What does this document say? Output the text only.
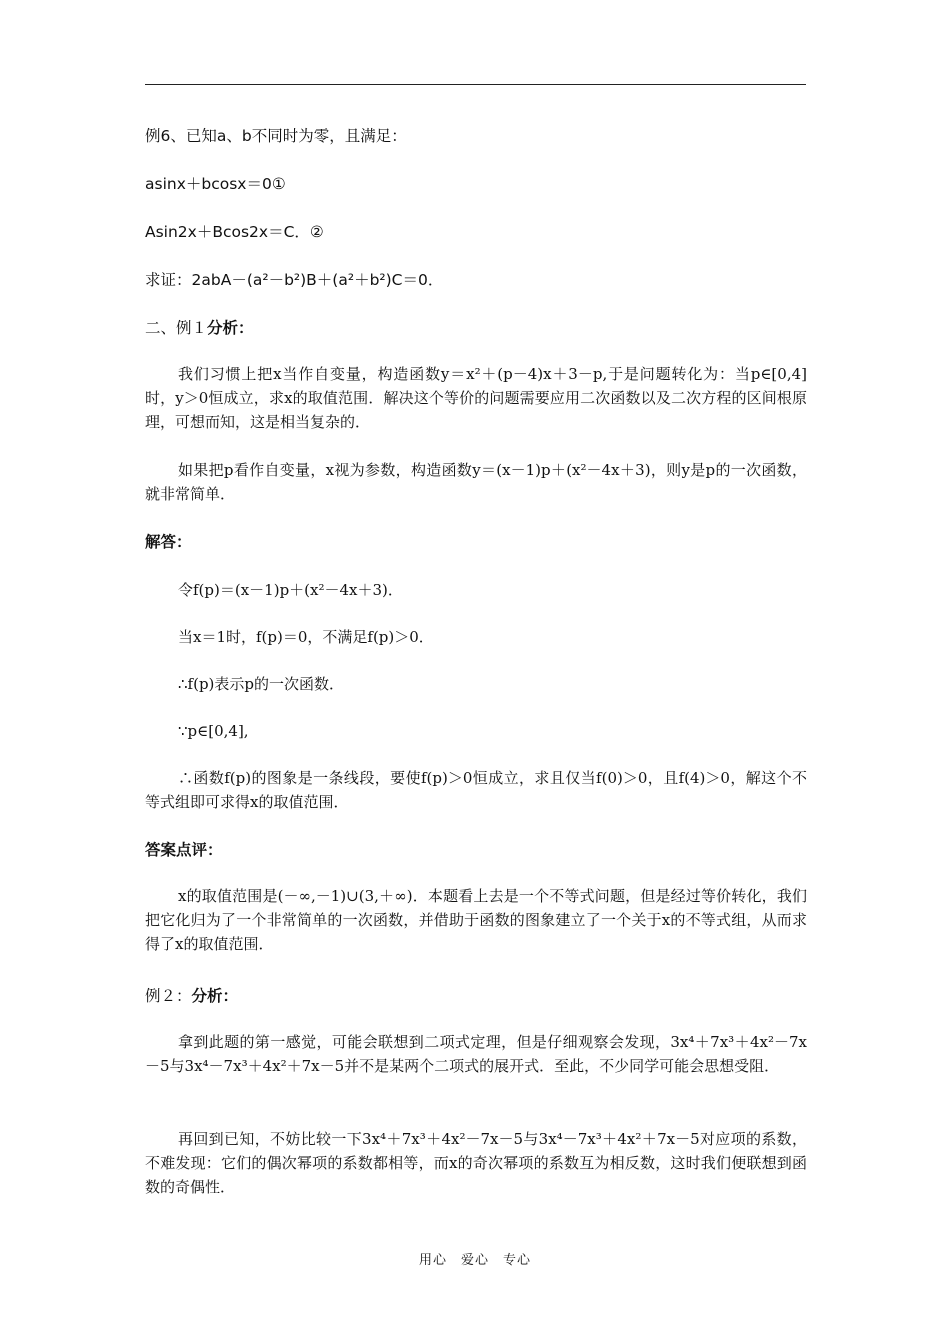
例6、已知a、b不同时为零，且满足：
asinx＋bcosx＝0①
Asin2x＋Bcos2x＝C．②
求证：2abA－(a²－b²)B＋(a²＋b²)C＝0．
二、例１分析：
我们习惯上把x当作自变量，构造函数y＝x²＋(p－4)x＋3－p,于是问题转化为：当p∈[0,4]时，y＞0恒成立，求x的取值范围．解决这个等价的问题需要应用二次函数以及二次方程的区间根原理，可想而知，这是相当复杂的．
如果把p看作自变量，x视为参数，构造函数y＝(x－1)p＋(x²－4x＋3)，则y是p的一次函数，就非常简单．
解答：
令f(p)＝(x－1)p＋(x²－4x＋3)．
当x＝1时，f(p)＝0，不满足f(p)＞0．
∴f(p)表示p的一次函数．
∵p∈[0,4],
∴函数f(p)的图象是一条线段，要使f(p)＞0恒成立，求且仅当f(0)＞0，且f(4)＞0，解这个不等式组即可求得x的取值范围．
答案点评：
x的取值范围是(－∞,－1)∪(3,＋∞)．本题看上去是一个不等式问题，但是经过等价转化，我们把它化归为了一个非常简单的一次函数，并借助于函数的图象建立了一个关于x的不等式组，从而求得了x的取值范围．
例２：分析：
拿到此题的第一感觉，可能会联想到二项式定理，但是仔细观察会发现，3x⁴＋7x³＋4x²－7x－5与3x⁴－7x³＋4x²＋7x－5并不是某两个二项式的展开式．至此，不少同学可能会思想受阻．
再回到已知，不妨比较一下3x⁴＋7x³＋4x²－7x－5与3x⁴－7x³＋4x²＋7x－5对应项的系数，不难发现：它们的偶次幂项的系数都相等，而x的奇次幂项的系数互为相反数，这时我们便联想到函数的奇偶性．
用心　爱心　专心
